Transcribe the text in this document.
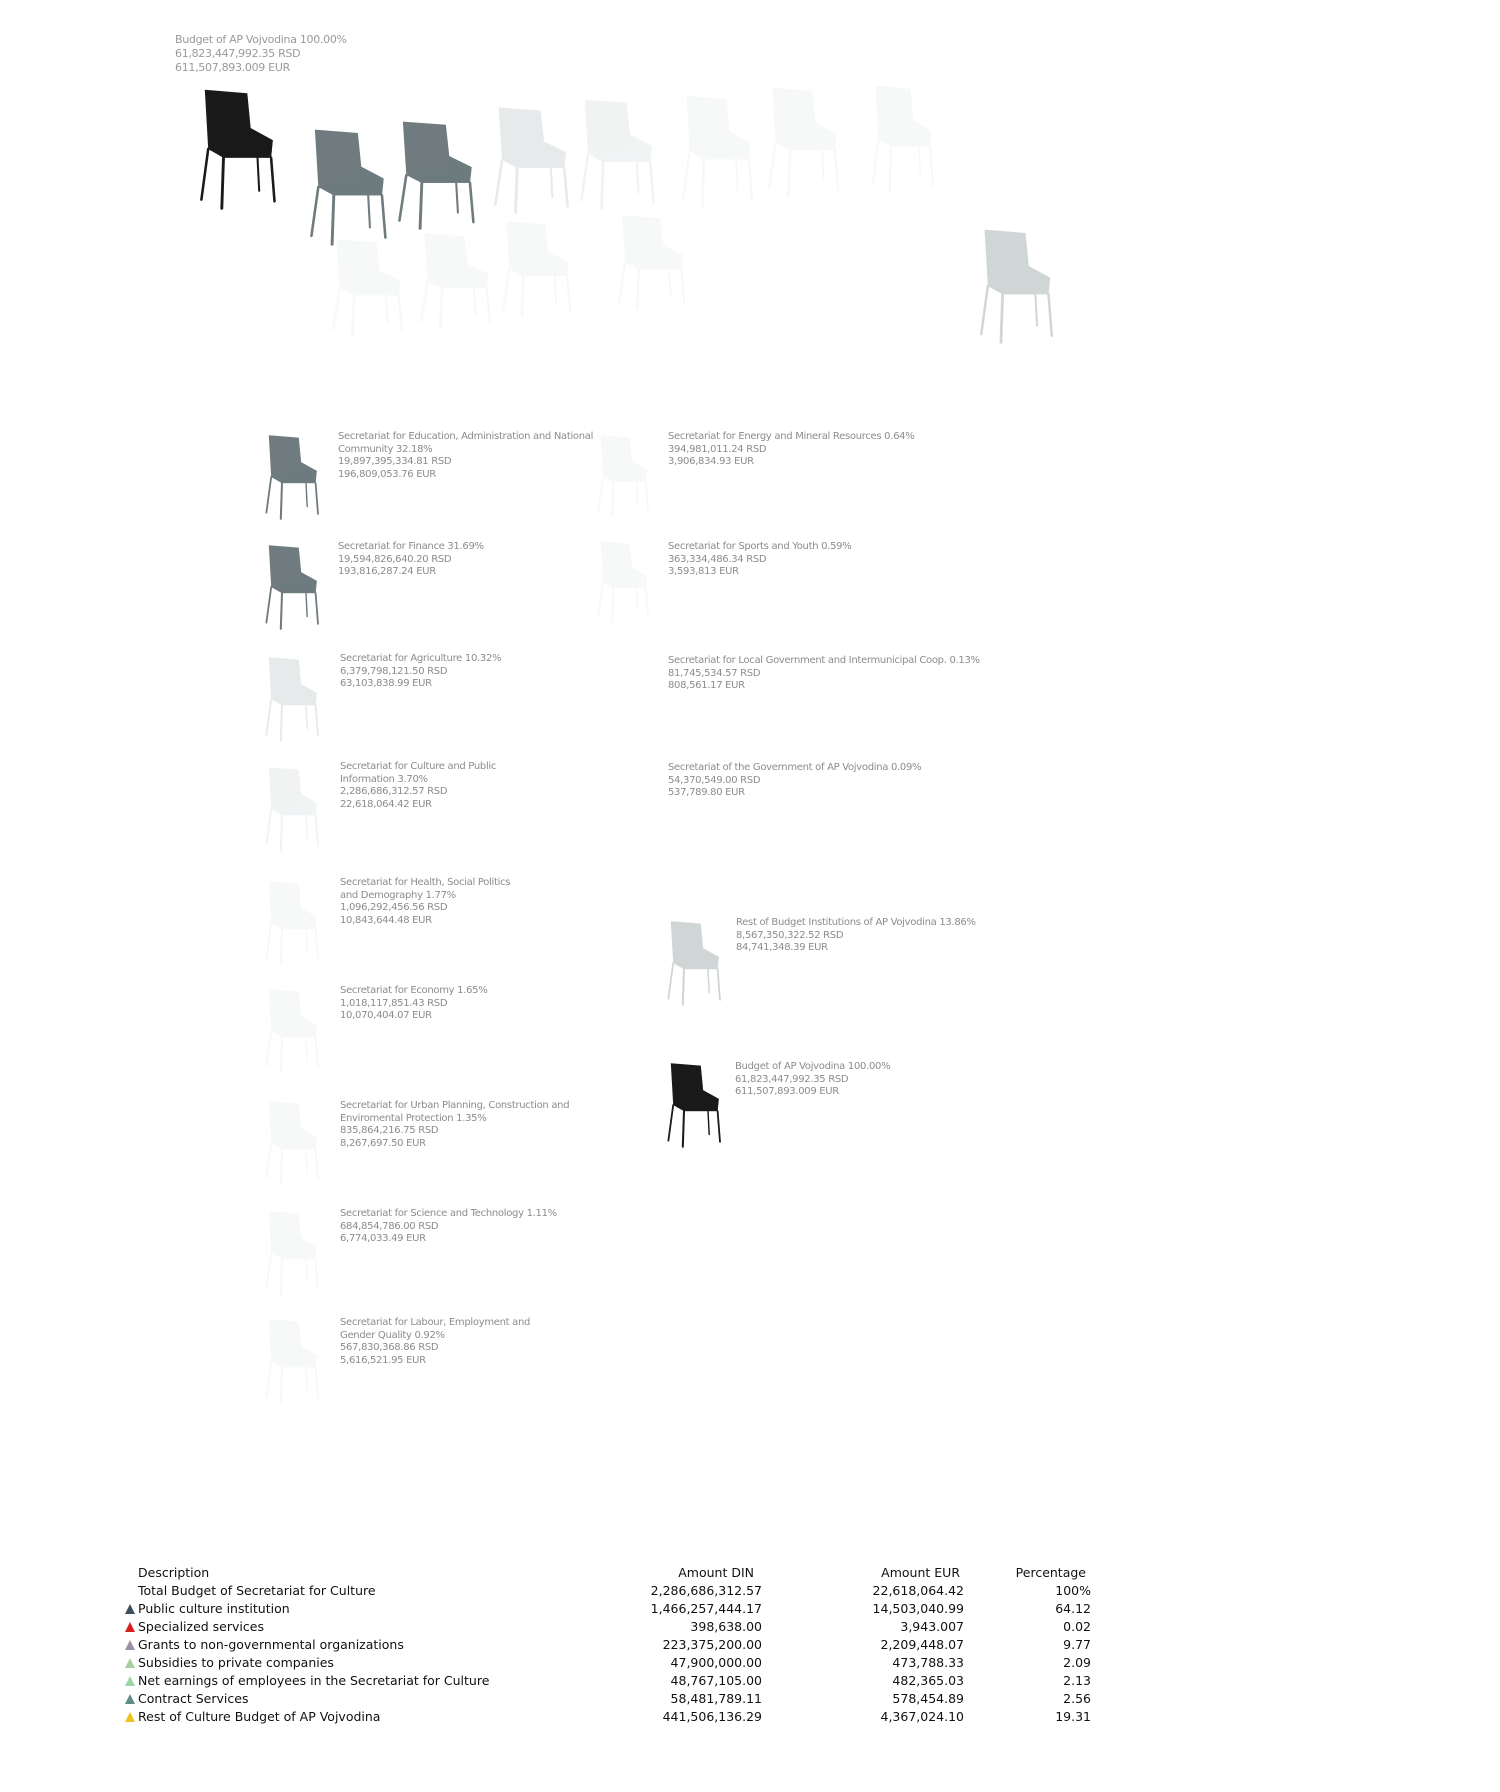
Budget of AP Vojvodina 100.00%
61,823,447,992.35 RSD
611,507,893.009 EUR
Secretariat for Education, Administration and National
Community 32.18%
19,897,395,334.81 RSD
196,809,053.76 EUR
Secretariat for Finance 31.69%
19,594,826,640.20 RSD
193,816,287.24 EUR
Secretariat for Agriculture 10.32%
6,379,798,121.50 RSD
63,103,838.99 EUR
Secretariat for Culture and Public
Information 3.70%
2,286,686,312.57 RSD
22,618,064.42 EUR
Secretariat for Health, Social Politics
and Demography 1.77%
1,096,292,456.56 RSD
10,843,644.48 EUR
Secretariat for Economy 1.65%
1,018,117,851.43 RSD
10,070,404.07 EUR
Secretariat for Urban Planning, Construction and
Enviromental Protection 1.35%
835,864,216.75 RSD
8,267,697.50 EUR
Secretariat for Science and Technology 1.11%
684,854,786.00 RSD
6,774,033.49 EUR
Secretariat for Labour, Employment and
Gender Quality 0.92%
567,830,368.86 RSD
5,616,521.95 EUR
Secretariat for Energy and Mineral Resources 0.64%
394,981,011.24 RSD
3,906,834.93 EUR
Secretariat for Sports and Youth 0.59%
363,334,486.34 RSD
3,593,813 EUR
Secretariat for Local Government and Intermunicipal Coop. 0.13%
81,745,534.57 RSD
808,561.17 EUR
Secretariat of the Government of AP Vojvodina 0.09%
54,370,549.00 RSD
537,789.80 EUR
Rest of Budget Institutions of AP Vojvodina 13.86%
8,567,350,322.52 RSD
84,741,348.39 EUR
Budget of AP Vojvodina 100.00%
61,823,447,992.35 RSD
611,507,893.009 EUR
Description	Amount DIN	Amount EUR	Percentage
Total Budget of Secretariat for Culture	2,286,686,312.57	22,618,064.42	100%
Public culture institution	1,466,257,444.17	14,503,040.99	64.12
Specialized services	398,638.00	3,943.007	0.02
Grants to non-governmental organizations	223,375,200.00	2,209,448.07	9.77
Subsidies to private companies	47,900,000.00	473,788.33	2.09
Net earnings of employees in the Secretariat for Culture	48,767,105.00	482,365.03	2.13
Contract Services	58,481,789.11	578,454.89	2.56
Rest of Culture Budget of AP Vojvodina	441,506,136.29	4,367,024.10	19.31
